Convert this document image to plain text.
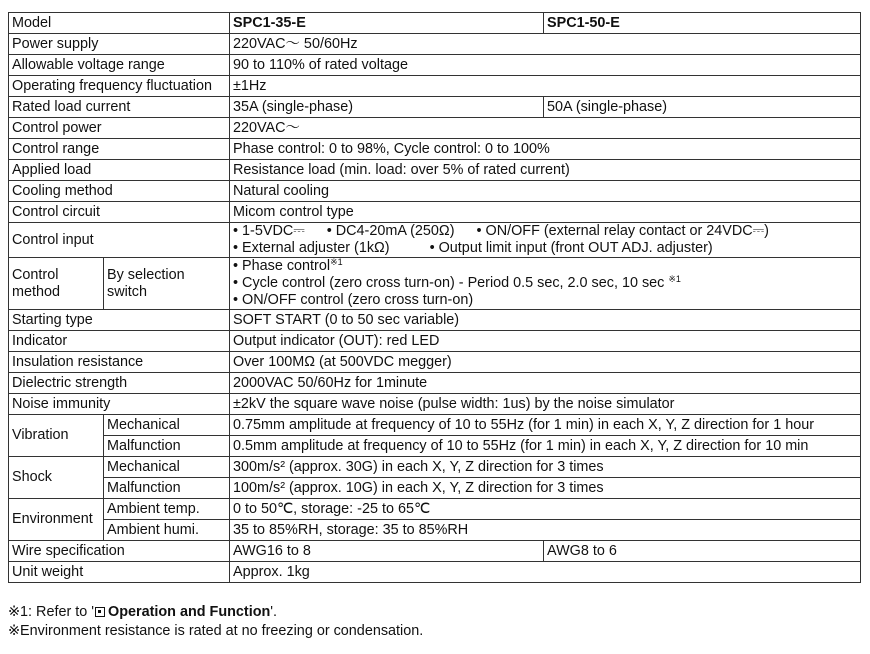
Model		SPC1-35-E	SPC1-50-E
Power supply		220VAC～ 50/60Hz	
Allowable voltage range		90 to 110% of rated voltage	
Operating frequency fluctuation		±1Hz	
Rated load current		35A (single-phase)	50A (single-phase)
Control power		220VAC～	
Control range		Phase control: 0 to 98%, Cycle control: 0 to 100%	
Applied load		Resistance load (min. load: over 5% of rated current)	
Cooling method		Natural cooling	
Control circuit		Micom control type	
Control input		• 1-5VDC⎓ • DC4-20mA (250Ω) • ON/OFF (external relay contact or 24VDC⎓)
• External adjuster (1kΩ) • Output limit input (front OUT ADJ. adjuster)	

Control method	By selection switch	• Phase control$^{※1}$
• Cycle control (zero cross turn-on) - Period 0.5 sec, 2.0 sec, 10 sec $^{※1}$
• ON/OFF control (zero cross turn-on)	

Starting type		SOFT START (0 to 50 sec variable)	
Indicator		Output indicator (OUT): red LED	
Insulation resistance		Over 100MΩ (at 500VDC megger)	
Dielectric strength		2000VAC 50/60Hz for 1minute	
Noise immunity		±2kV the square wave noise (pulse width: 1us) by the noise simulator	
Vibration	Mechanical	0.75mm amplitude at frequency of 10 to 55Hz (for 1 min) in each X, Y, Z direction for 1 hour	
	Malfunction	0.5mm amplitude at frequency of 10 to 55Hz (for 1 min) in each X, Y, Z direction for 10 min	
Shock	Mechanical	300m/s² (approx. 30G) in each X, Y, Z direction for 3 times	
	Malfunction	100m/s² (approx. 10G) in each X, Y, Z direction for 3 times	
Environment	Ambient temp.	0 to 50℃, storage: -25 to 65℃	
	Ambient humi.	35 to 85%RH, storage: 35 to 85%RH	
Wire specification		AWG16 to 8	AWG8 to 6
Unit weight		Approx. 1kg	
※1: Refer to ' Operation and Function'.
※Environment resistance is rated at no freezing or condensation.
